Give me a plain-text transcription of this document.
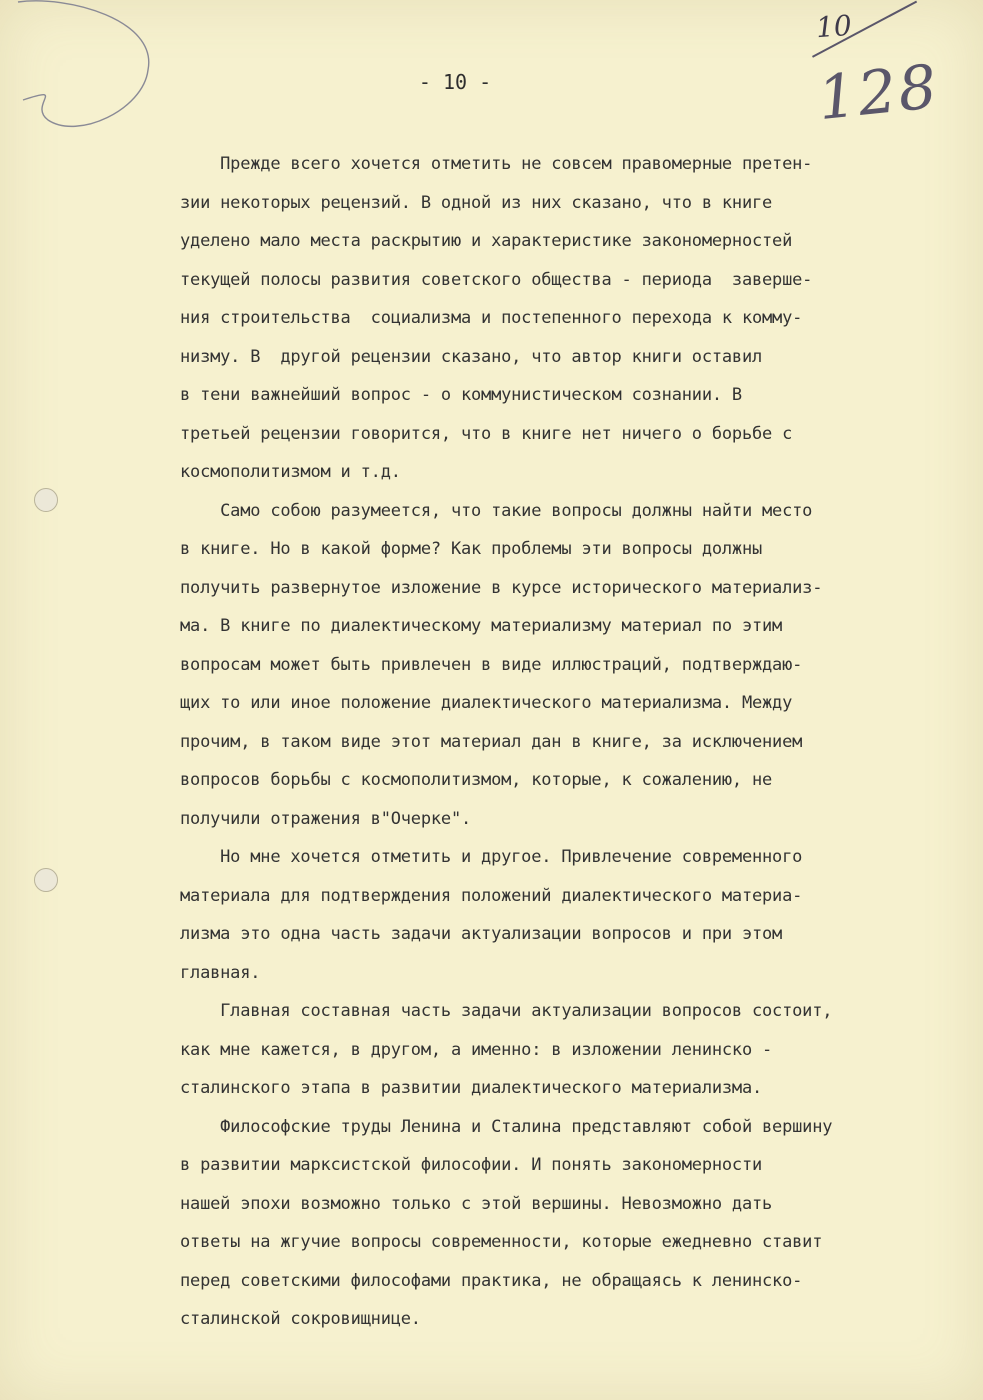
10
128
- 10 -
Прежде всего хочется отметить не совсем правомерные претен-
зии некоторых рецензий. В одной из них сказано, что в книге
уделено мало места раскрытию и характеристике закономерностей
текущей полосы развития советского общества - периода  заверше-
ния строительства  социализма и постепенного перехода к комму-
низму. В  другой рецензии сказано, что автор книги оставил
в тени важнейший вопрос - о коммунистическом сознании. В
третьей рецензии говорится, что в книге нет ничего о борьбе с
космополитизмом и т.д.
Само собою разумеется, что такие вопросы должны найти место
в книге. Но в какой форме? Как проблемы эти вопросы должны
получить развернутое изложение в курсе исторического материализ-
ма. В книге по диалектическому материализму материал по этим
вопросам может быть привлечен в виде иллюстраций, подтверждаю-
щих то или иное положение диалектического материализма. Между
прочим, в таком виде этот материал дан в книге, за исключением
вопросов борьбы с космополитизмом, которые, к сожалению, не
получили отражения в"Очерке".
Но мне хочется отметить и другое. Привлечение современного
материала для подтверждения положений диалектического материа-
лизма это одна часть задачи актуализации вопросов и при этом
главная.
Главная составная часть задачи актуализации вопросов состоит,
как мне кажется, в другом, а именно: в изложении ленинско -
сталинского этапа в развитии диалектического материализма.
Философские труды Ленина и Сталина представляют собой вершину
в развитии марксистской философии. И понять закономерности
нашей эпохи возможно только с этой вершины. Невозможно дать
ответы на жгучие вопросы современности, которые ежедневно ставит
перед советскими философами практика, не обращаясь к ленинско-
сталинской сокровищнице.
